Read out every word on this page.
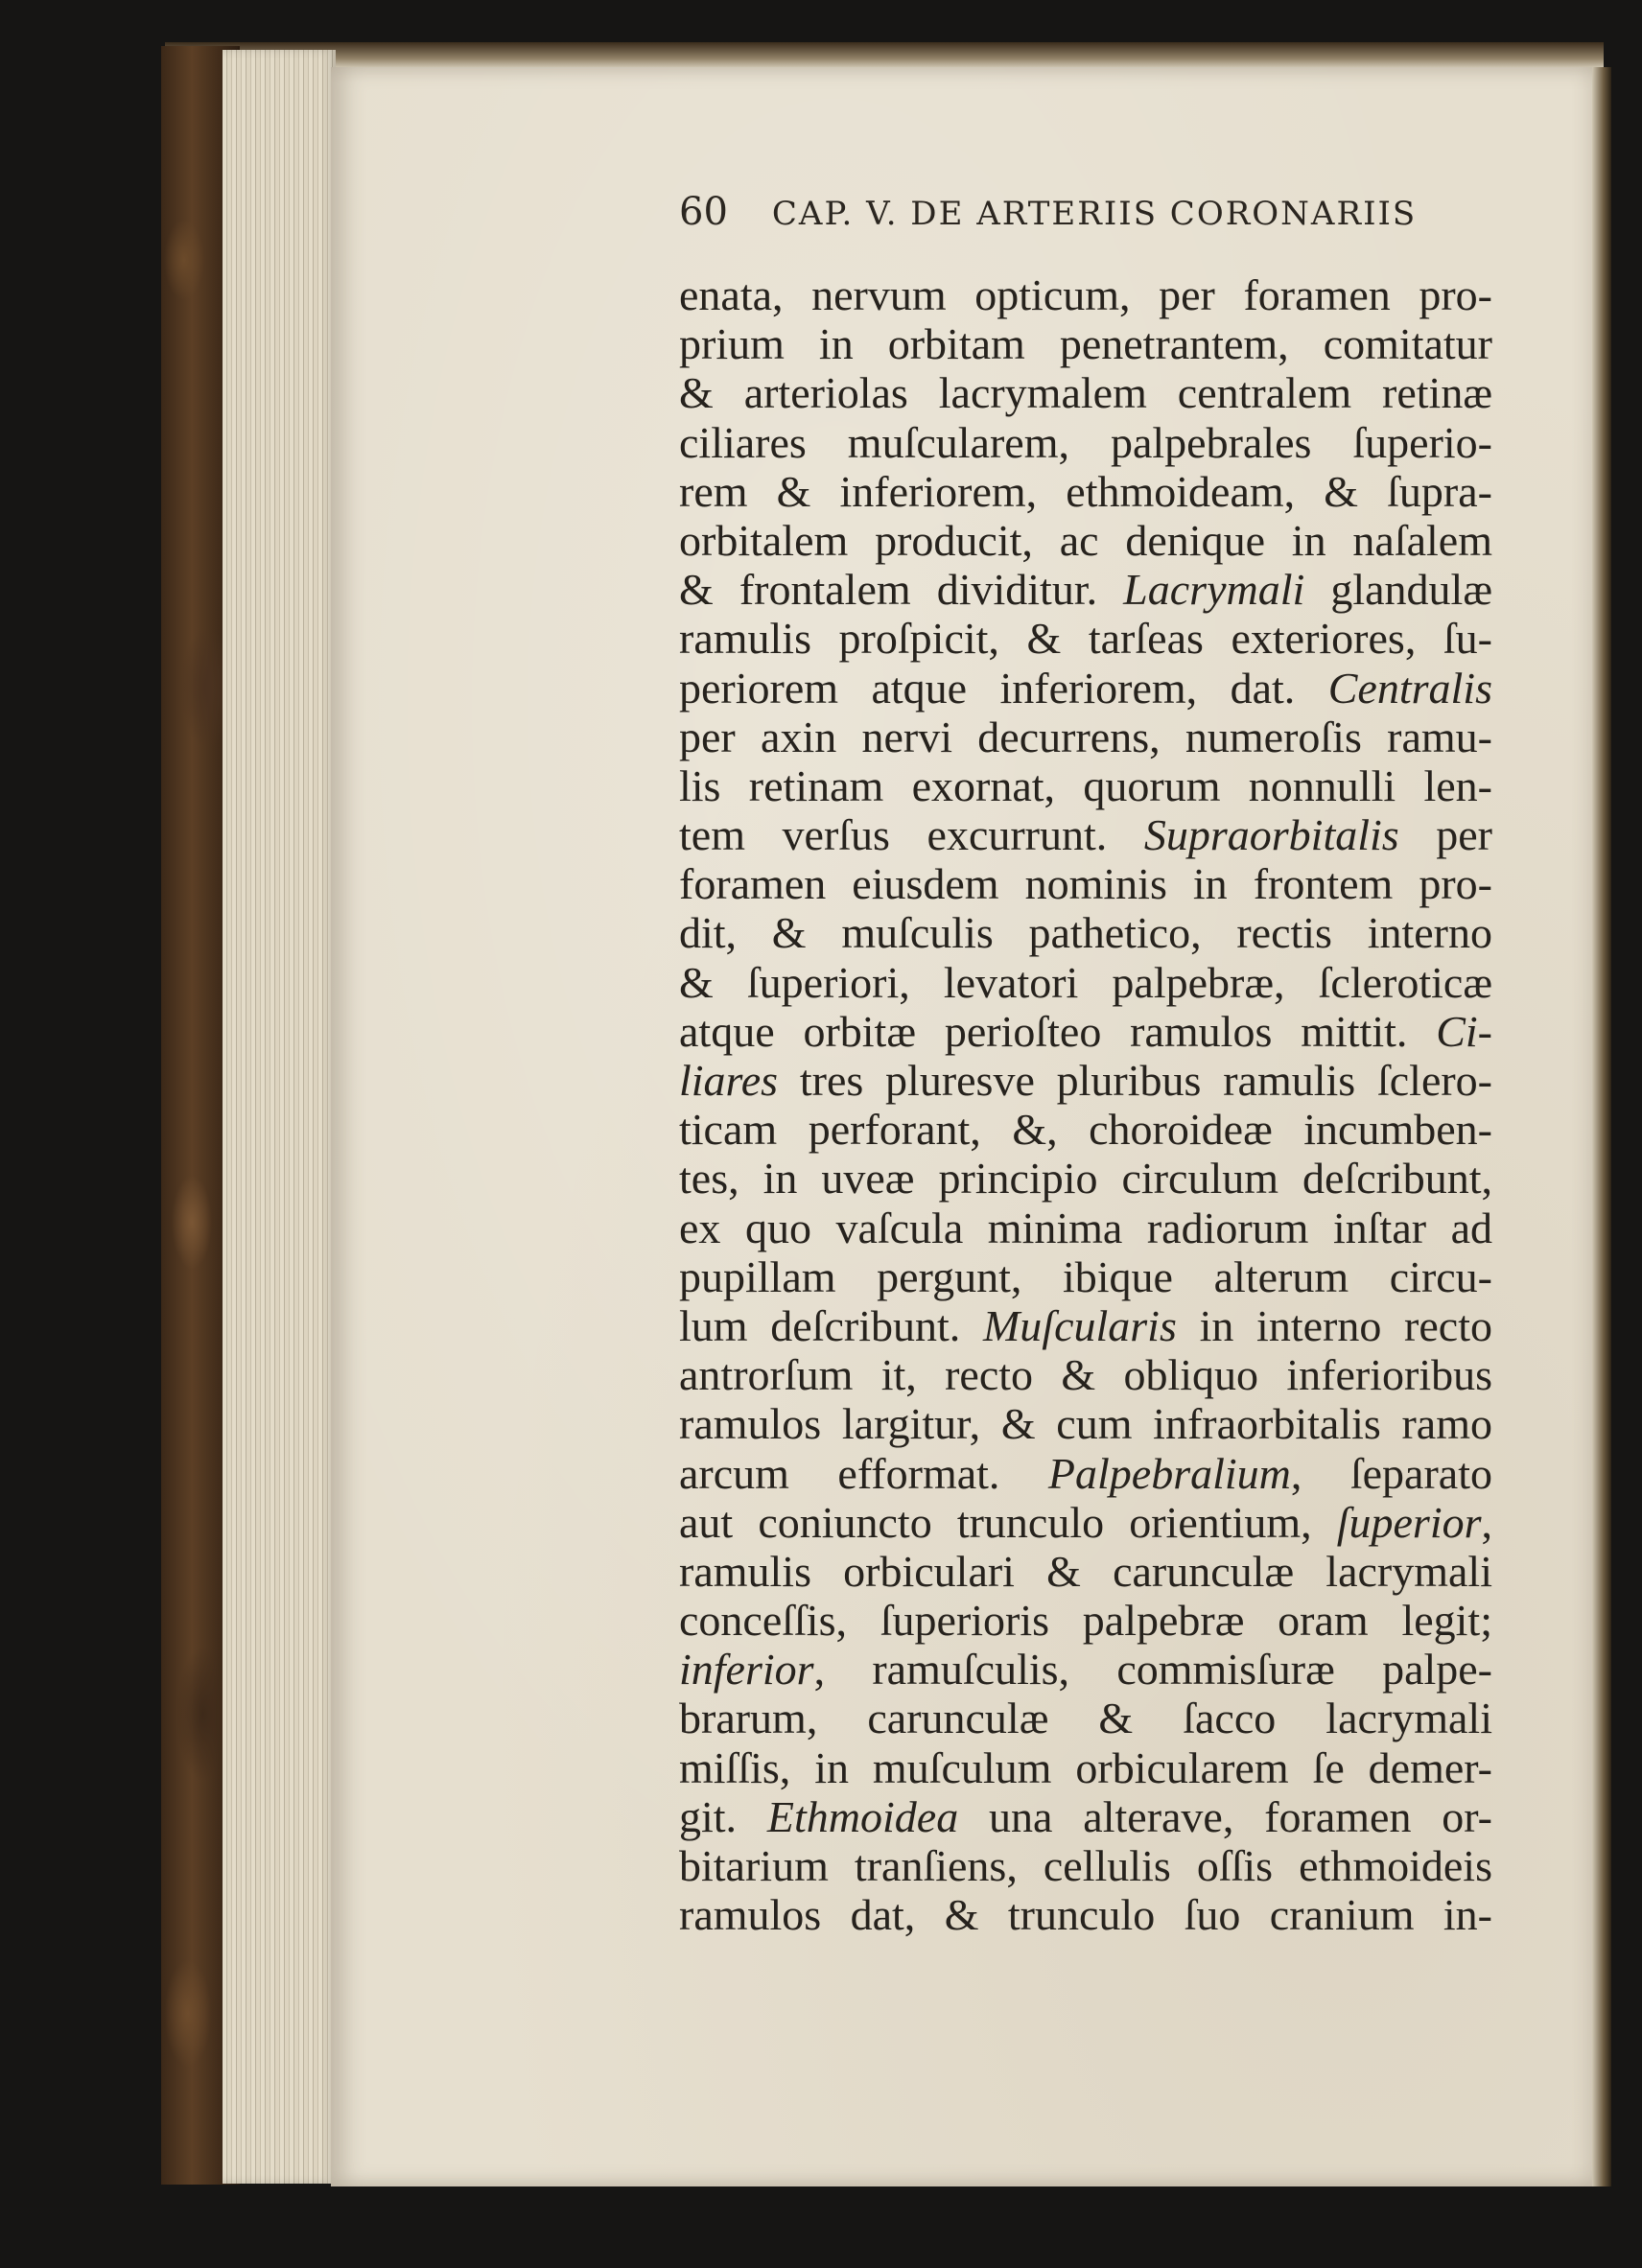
60 CAP. V. DE ARTERIIS CORONARIIS
enata, nervum opticum, per foramen pro-
prium in orbitam penetrantem, comitatur
& arteriolas lacrymalem centralem retinæ
ciliares muſcularem, palpebrales ſuperio-
rem & inferiorem, ethmoideam, & ſupra-
orbitalem producit, ac denique in naſalem
& frontalem dividitur. Lacrymali glandulæ
ramulis proſpicit, & tarſeas exteriores, ſu-
periorem atque inferiorem, dat. Centralis
per axin nervi decurrens, numeroſis ramu-
lis retinam exornat, quorum nonnulli len-
tem verſus excurrunt. Supraorbitalis per
foramen eiusdem nominis in frontem pro-
dit, & muſculis pathetico, rectis interno
& ſuperiori, levatori palpebræ, ſcleroticæ
atque orbitæ perioſteo ramulos mittit. Ci-
liares tres pluresve pluribus ramulis ſclero-
ticam perforant, &, choroideæ incumben-
tes, in uveæ principio circulum deſcribunt,
ex quo vaſcula minima radiorum inſtar ad
pupillam pergunt, ibique alterum circu-
lum deſcribunt. Muſcularis in interno recto
antrorſum it, recto & obliquo inferioribus
ramulos largitur, & cum infraorbitalis ramo
arcum efformat. Palpebralium, ſeparato
aut coniuncto trunculo orientium, ſuperior,
ramulis orbiculari & carunculæ lacrymali
conceſſis, ſuperioris palpebræ oram legit;
inferior, ramuſculis, commisſuræ palpe-
brarum, carunculæ & ſacco lacrymali
miſſis, in muſculum orbicularem ſe demer-
git. Ethmoidea una alterave, foramen or-
bitarium tranſiens, cellulis oſſis ethmoideis
ramulos dat, & trunculo ſuo cranium in-
